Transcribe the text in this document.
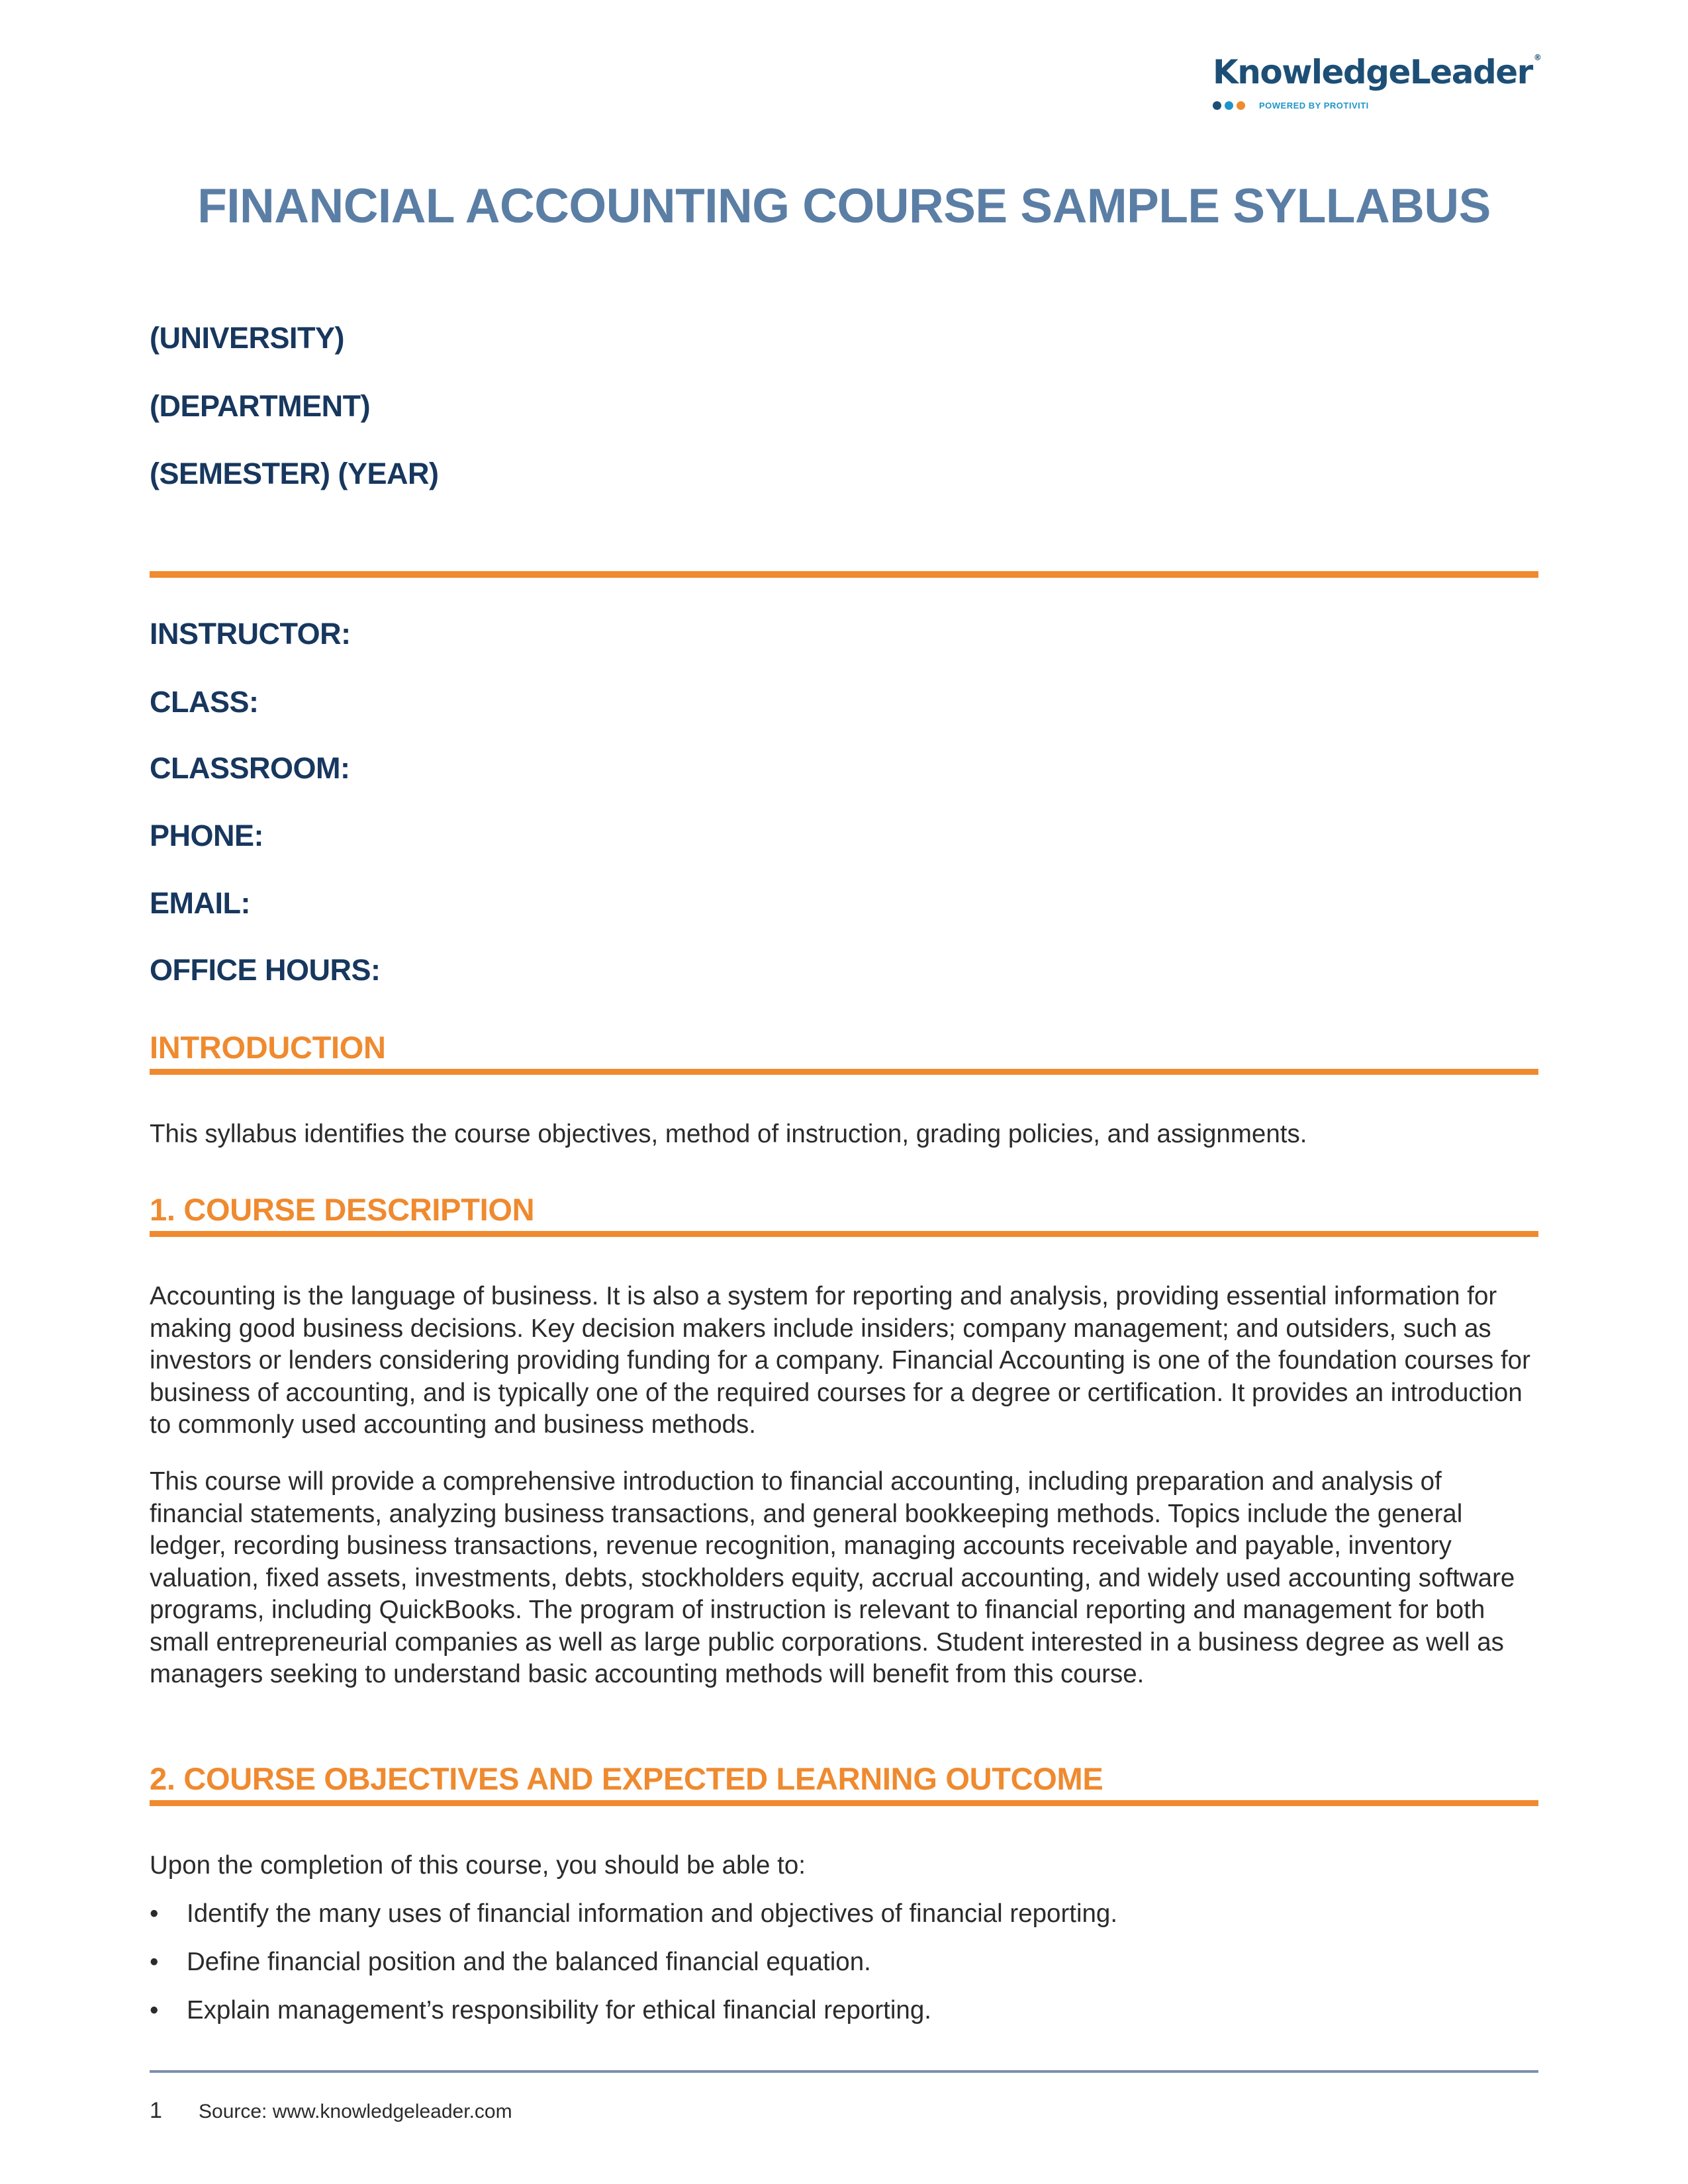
KnowledgeLeader ®
POWERED BY PROTIVITI
FINANCIAL ACCOUNTING COURSE SAMPLE SYLLABUS

(UNIVERSITY)

(DEPARTMENT)

(SEMESTER) (YEAR)

INSTRUCTOR:

CLASS:

CLASSROOM:

PHONE:

EMAIL:

OFFICE HOURS:

INTRODUCTION

This syllabus identifies the course objectives, method of instruction, grading policies, and assignments.

1. COURSE DESCRIPTION

Accounting is the language of business. It is also a system for reporting and analysis, providing essential information for making good business decisions. Key decision makers include insiders; company management; and outsiders, such as investors or lenders considering providing funding for a company. Financial Accounting is one of the foundation courses for business of accounting, and is typically one of the required courses for a degree or certification. It provides an introduction to commonly used accounting and business methods.

This course will provide a comprehensive introduction to financial accounting, including preparation and analysis of financial statements, analyzing business transactions, and general bookkeeping methods. Topics include the general ledger, recording business transactions, revenue recognition, managing accounts receivable and payable, inventory valuation, fixed assets, investments, debts, stockholders equity, accrual accounting, and widely used accounting software programs, including QuickBooks. The program of instruction is relevant to financial reporting and management for both small entrepreneurial companies as well as large public corporations. Student interested in a business degree as well as managers seeking to understand basic accounting methods will benefit from this course.

2. COURSE OBJECTIVES AND EXPECTED LEARNING OUTCOME

Upon the completion of this course, you should be able to:

• Identify the many uses of financial information and objectives of financial reporting.
• Define financial position and the balanced financial equation.
• Explain management’s responsibility for ethical financial reporting.
1 Source: www.knowledgeleader.com
